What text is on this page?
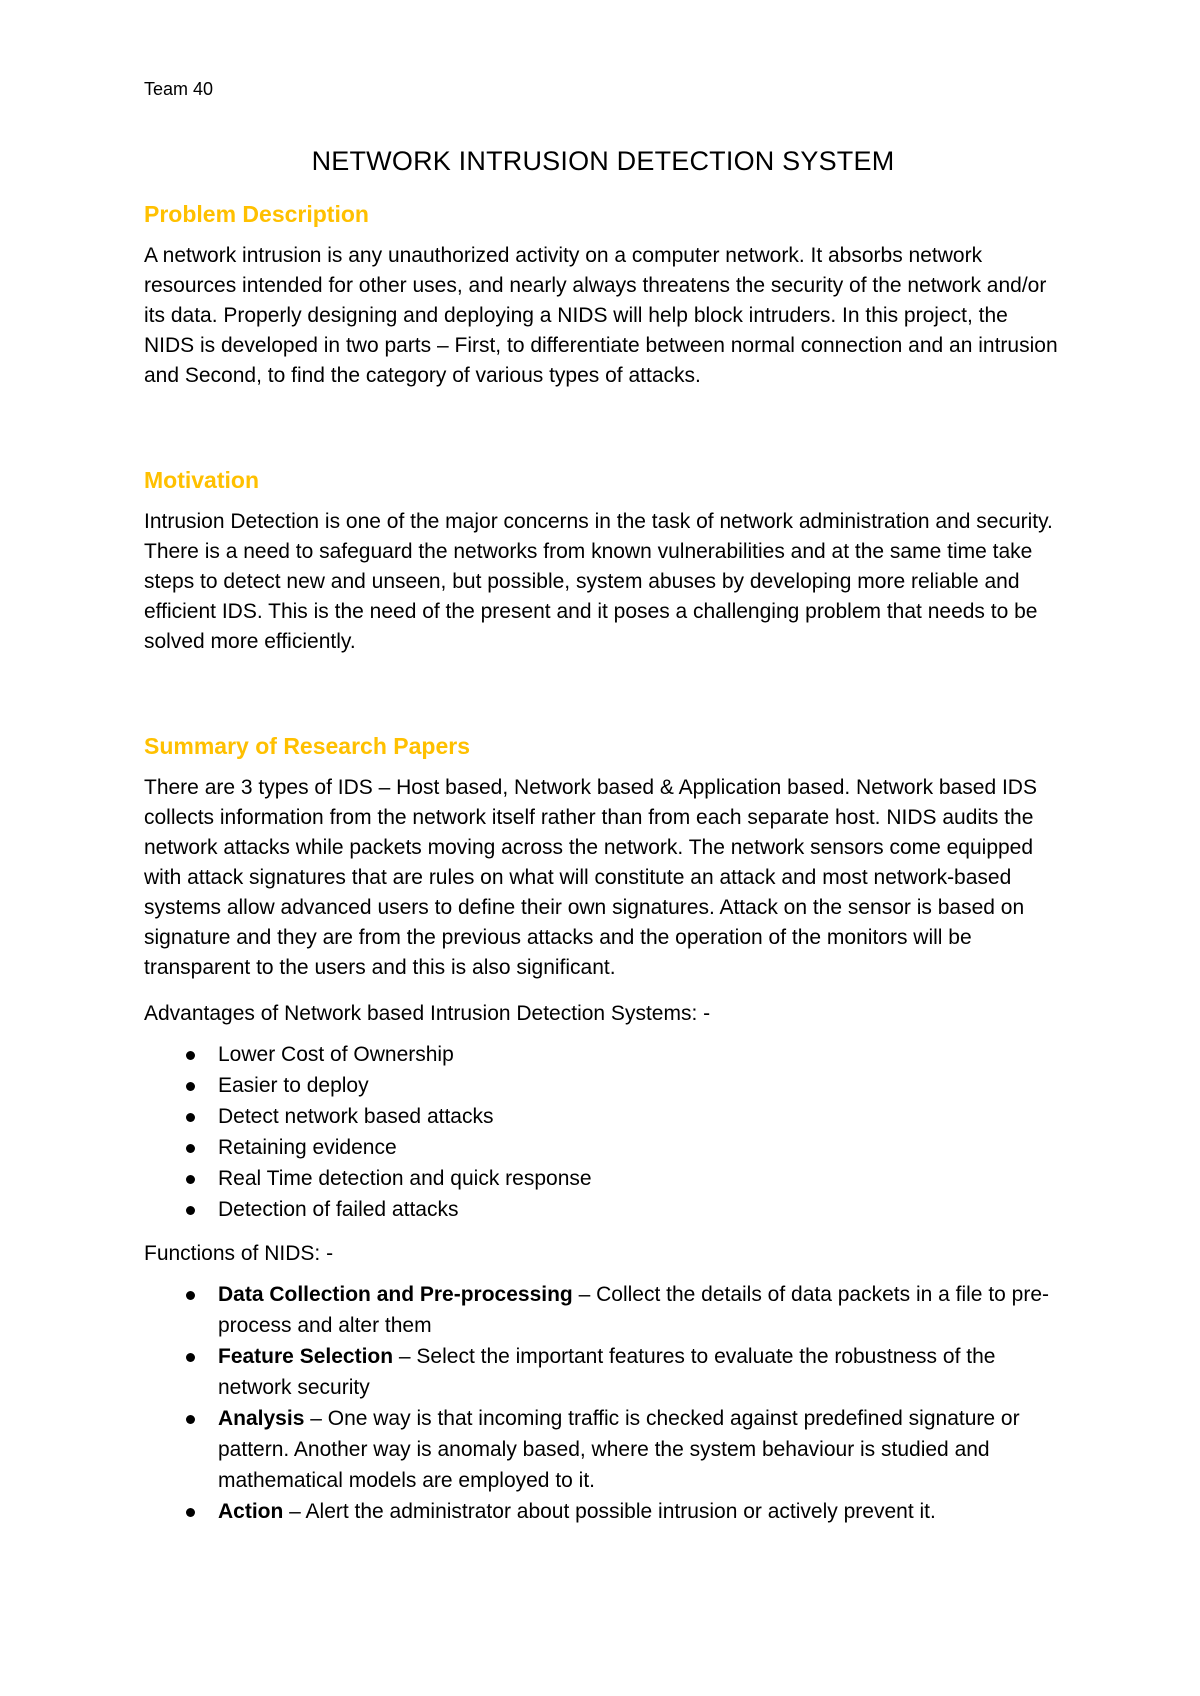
Team 40
NETWORK INTRUSION DETECTION SYSTEM
Problem Description

A network intrusion is any unauthorized activity on a computer network. It absorbs network resources intended for other uses, and nearly always threatens the security of the network and/or its data. Properly designing and deploying a NIDS will help block intruders. In this project, the NIDS is developed in two parts – First, to differentiate between normal connection and an intrusion and Second, to find the category of various types of attacks.

Motivation

Intrusion Detection is one of the major concerns in the task of network administration and security. There is a need to safeguard the networks from known vulnerabilities and at the same time take steps to detect new and unseen, but possible, system abuses by developing more reliable and efficient IDS. This is the need of the present and it poses a challenging problem that needs to be solved more efficiently.

Summary of Research Papers

There are 3 types of IDS – Host based, Network based & Application based. Network based IDS collects information from the network itself rather than from each separate host. NIDS audits the network attacks while packets moving across the network. The network sensors come equipped with attack signatures that are rules on what will constitute an attack and most network-based systems allow advanced users to define their own signatures. Attack on the sensor is based on signature and they are from the previous attacks and the operation of the monitors will be transparent to the users and this is also significant.

Advantages of Network based Intrusion Detection Systems: -

Lower Cost of Ownership
Easier to deploy
Detect network based attacks
Retaining evidence
Real Time detection and quick response
Detection of failed attacks

Functions of NIDS: -

Data Collection and Pre-processing – Collect the details of data packets in a file to pre-process and alter them
Feature Selection – Select the important features to evaluate the robustness of the network security
Analysis – One way is that incoming traffic is checked against predefined signature or pattern. Another way is anomaly based, where the system behaviour is studied and mathematical models are employed to it.
Action – Alert the administrator about possible intrusion or actively prevent it.
